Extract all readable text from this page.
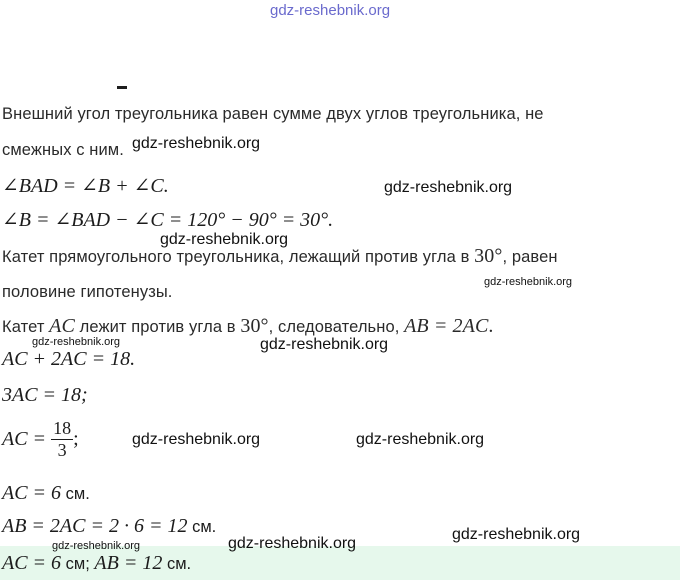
gdz-reshebnik.org
Внешний угол треугольника равен сумме двух углов треугольника, не
смежных с ним. gdz-reshebnik.org
∠BAD = ∠B + ∠C.	gdz-reshebnik.org
∠B = ∠BAD − ∠C = 120° − 90° = 30°.
gdz-reshebnik.org
Катет прямоугольного треугольника, лежащий против угла в 30°, равен
половине гипотенузы.
gdz-reshebnik.org
Катет AC лежит против угла в 30°, следовательно, AB = 2AC.
gdz-reshebnik.org	gdz-reshebnik.org
AC + 2AC = 18.
3AC = 18;
AC = $\frac{18}{3}$ ;	gdz-reshebnik.org	gdz-reshebnik.org
AC = 6 см.
AB = 2AC = 2 · 6 = 12 см.	gdz-reshebnik.org
gdz-reshebnik.org	gdz-reshebnik.org
AC = 6 см; AB = 12 см.
